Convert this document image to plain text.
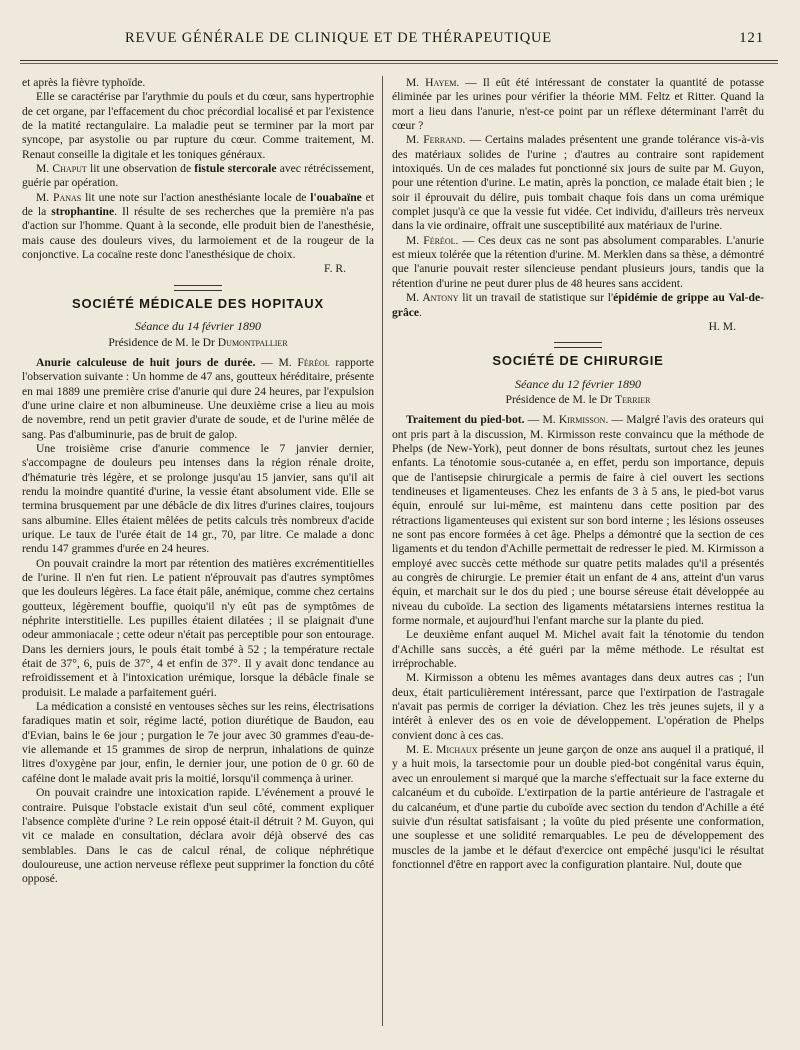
REVUE GÉNÉRALE DE CLINIQUE ET DE THÉRAPEUTIQUE	121

et après la fièvre typhoïde.

Elle se caractérise par l'arythmie du pouls et du cœur, sans hypertrophie de cet organe, par l'effacement du choc précordial localisé et par l'existence de la matité rectangulaire. La maladie peut se terminer par la mort par syncope, par asystolie ou par rupture du cœur. Comme traitement, M. Renaut conseille la digitale et les toniques généraux.

M. Chaput lit une observation de fistule stercorale avec rétrécissement, guérie par opération.

M. Panas lit une note sur l'action anesthésiante locale de l'ouabaïne et de la strophantine. Il résulte de ses recherches que la première n'a pas d'action sur l'homme. Quant à la seconde, elle produit bien de l'anesthésie, mais cause des douleurs vives, du larmoiement et de la rougeur de la conjonctive. La cocaïne reste donc l'anesthésique de choix.

F. R.

SOCIÉTÉ MÉDICALE DES HOPITAUX
Séance du 14 février 1890
Présidence de M. le Dr Dumontpallier

Anurie calculeuse de huit jours de durée. — M. Féréol rapporte l'observation suivante : Un homme de 47 ans, goutteux héréditaire, présente en mai 1889 une première crise d'anurie qui dure 24 heures, par l'expulsion d'une urine claire et non albumineuse. Une deuxième crise a lieu au mois de novembre, rend un petit gravier d'urate de soude, et de l'urine mêlée de sang. Pas d'albuminurie, pas de bruit de galop.

Une troisième crise d'anurie commence le 7 janvier dernier, s'accompagne de douleurs peu intenses dans la région rénale droite, d'hématurie très légère, et se prolonge jusqu'au 15 janvier, sans qu'il ait rendu la moindre quantité d'urine, la vessie étant absolument vide. Elle se termina brusquement par une débâcle de dix litres d'urines claires, toujours sans albumine. Elles étaient mêlées de petits calculs très nombreux d'acide urique. Le taux de l'urée était de 14 gr., 70, par litre. Ce malade a donc rendu 147 grammes d'urée en 24 heures.

On pouvait craindre la mort par rétention des matières excrémentitielles de l'urine. Il n'en fut rien. Le patient n'éprouvait pas d'autres symptômes que les douleurs légères. La face était pâle, anémique, comme chez certains goutteux, légèrement bouffie, quoiqu'il n'y eût pas de symptômes de néphrite interstitielle. Les pupilles étaient dilatées ; il se plaignait d'une odeur ammoniacale ; cette odeur n'était pas perceptible pour son entourage. Dans les derniers jours, le pouls était tombé à 52 ; la température rectale était de 37°, 6, puis de 37°, 4 et enfin de 37°. Il y avait donc tendance au refroidissement et à l'intoxication urémique, lorsque la débâcle finale se produisit. Le malade a parfaitement guéri.

La médication a consisté en ventouses sèches sur les reins, électrisations faradiques matin et soir, régime lacté, potion diurétique de Baudon, eau d'Evian, bains le 6e jour ; purgation le 7e jour avec 30 grammes d'eau-de-vie allemande et 15 grammes de sirop de nerprun, inhalations de quinze litres d'oxygène par jour, enfin, le dernier jour, une potion de 0 gr. 60 de caféine dont le malade avait pris la moitié, lorsqu'il commença à uriner.

On pouvait craindre une intoxication rapide. L'événement a prouvé le contraire. Puisque l'obstacle existait d'un seul côté, comment expliquer l'absence complète d'urine ? Le rein opposé était-il détruit ? M. Guyon, qui vit ce malade en consultation, déclara avoir déjà observé des cas semblables. Dans le cas de calcul rénal, de colique néphrétique douloureuse, une action nerveuse réflexe peut supprimer la fonction du côté opposé.

M. Hayem. — Il eût été intéressant de constater la quantité de potasse éliminée par les urines pour vérifier la théorie MM. Feltz et Ritter. Quand la mort a lieu dans l'anurie, n'est-ce point par un réflexe déterminant l'arrêt du cœur ?

M. Ferrand. — Certains malades présentent une grande tolérance vis-à-vis des matériaux solides de l'urine ; d'autres au contraire sont rapidement intoxiqués. Un de ces malades fut ponctionné six jours de suite par M. Guyon, pour une rétention d'urine. Le matin, après la ponction, ce malade était bien ; le soir il éprouvait du délire, puis tombait chaque fois dans un coma urémique complet jusqu'à ce que la vessie fut vidée. Cet individu, d'ailleurs très nerveux dans la vie ordinaire, offrait une susceptibilité aux matériaux de l'urine.

M. Féréol. — Ces deux cas ne sont pas absolument comparables. L'anurie est mieux tolérée que la rétention d'urine. M. Merklen dans sa thèse, a démontré que l'anurie pouvait rester silencieuse pendant plusieurs jours, tandis que la rétention d'urine ne peut durer plus de 48 heures sans accident.

M. Antony lit un travail de statistique sur l'épidémie de grippe au Val-de-grâce.

H. M.

SOCIÉTÉ DE CHIRURGIE
Séance du 12 février 1890
Présidence de M. le Dr Terrier

Traitement du pied-bot. — M. Kirmisson. — Malgré l'avis des orateurs qui ont pris part à la discussion, M. Kirmisson reste convaincu que la méthode de Phelps (de New-York), peut donner de bons résultats, surtout chez les jeunes enfants. La ténotomie sous-cutanée a, en effet, perdu son importance, depuis que de l'antisepsie chirurgicale a permis de faire à ciel ouvert les sections tendineuses et ligamenteuses. Chez les enfants de 3 à 5 ans, le pied-bot varus équin, enroulé sur lui-même, est maintenu dans cette position par des rétractions ligamenteuses qui existent sur son bord interne ; les lésions osseuses ne sont pas encore formées à cet âge. Phelps a démontré que la section de ces ligaments et du tendon d'Achille permettait de redresser le pied. M. Kirmisson a employé avec succès cette méthode sur quatre petits malades qu'il a présentés au congrès de chirurgie. Le premier était un enfant de 4 ans, atteint d'un varus équin, et marchait sur le dos du pied ; une bourse séreuse était développée au niveau du cuboïde. La section des ligaments métatarsiens internes restitua la forme normale, et aujourd'hui l'enfant marche sur la plante du pied.

Le deuxième enfant auquel M. Michel avait fait la ténotomie du tendon d'Achille sans succès, a été guéri par la même méthode. Le résultat est irréprochable.

M. Kirmisson a obtenu les mêmes avantages dans deux autres cas ; l'un deux, était particulièrement intéressant, parce que l'extirpation de l'astragale n'avait pas permis de corriger la déviation. Chez les très jeunes sujets, il y a intérêt à enlever des os en voie de développement. L'opération de Phelps convient donc à ces cas.

M. E. Michaux présente un jeune garçon de onze ans auquel il a pratiqué, il y a huit mois, la tarsectomie pour un double pied-bot congénital varus équin, avec un enroulement si marqué que la marche s'effectuait sur la face externe du calcanéum et du cuboïde. L'extirpation de la partie antérieure de l'astragale et du calcanéum, et d'une partie du cuboïde avec section du tendon d'Achille a été suivie d'un résultat satisfaisant ; la voûte du pied présente une conformation, une souplesse et une solidité remarquables. Le peu de développement des muscles de la jambe et le défaut d'exercice ont empêché jusqu'ici le résultat fonctionnel d'être en rapport avec la configuration plantaire. Nul, doute que
